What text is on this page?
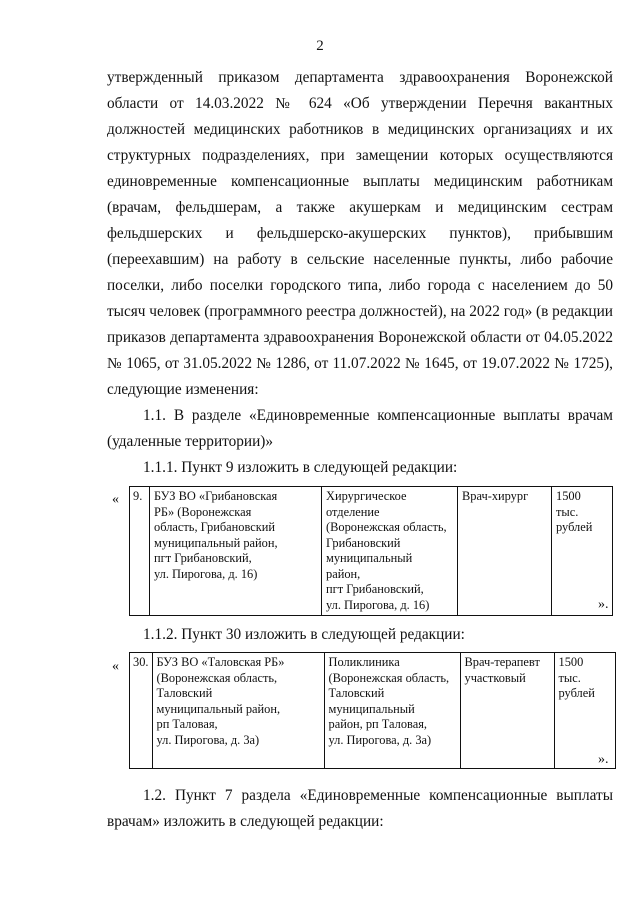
2
утвержденный приказом департамента здравоохранения Воронежской
области от 14.03.2022 № 624 «Об утверждении Перечня вакантных
должностей медицинских работников в медицинских организациях и их
структурных подразделениях, при замещении которых осуществляются
единовременные компенсационные выплаты медицинским работникам
(врачам, фельдшерам, а также акушеркам и медицинским сестрам
фельдшерских и фельдшерско-акушерских пунктов), прибывшим
(переехавшим) на работу в сельские населенные пункты, либо рабочие
поселки, либо поселки городского типа, либо города с населением до 50
тысяч человек (программного реестра должностей), на 2022 год» (в редакции
приказов департамента здравоохранения Воронежской области от 04.05.2022
№ 1065, от 31.05.2022 № 1286, от 11.07.2022 № 1645, от 19.07.2022 № 1725),
следующие изменения:
1.1. В разделе «Единовременные компенсационные выплаты врачам
(удаленные территории)»
1.1.1. Пункт 9 изложить в следующей редакции:
« 9.	БУЗ ВО «Грибановская
РБ» (Воронежская
область, Грибановский
муниципальный район,
пгт Грибановский,
ул. Пирогова, д. 16)	Хирургическое
отделение
(Воронежская область,
Грибановский
муниципальный
район,
пгт Грибановский,
ул. Пирогова, д. 16)	Врач-хирург	1500
тыс.
рублей
».
1.1.2. Пункт 30 изложить в следующей редакции:
« 30.	БУЗ ВО «Таловская РБ»
(Воронежская область,
Таловский
муниципальный район,
рп Таловая,
ул. Пирогова, д. 3а)	Поликлиника
(Воронежская область,
Таловский
муниципальный
район, рп Таловая,
ул. Пирогова, д. 3а)	Врач-терапевт
участковый	1500
тыс.
рублей
».
1.2. Пункт 7 раздела «Единовременные компенсационные выплаты
врачам» изложить в следующей редакции:
